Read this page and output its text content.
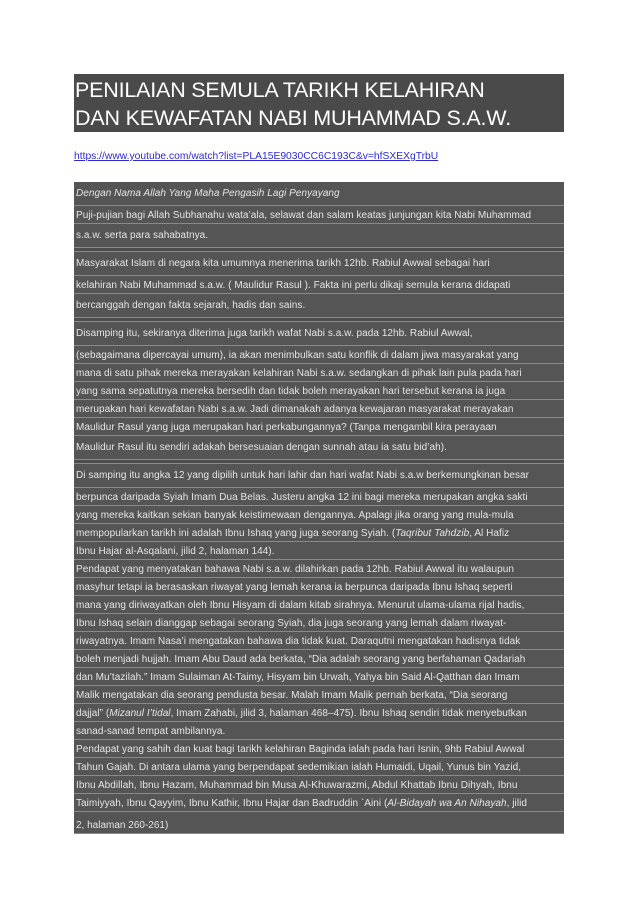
PENILAIAN SEMULA TARIKH KELAHIRAN
DAN KEWAFATAN NABI MUHAMMAD S.A.W.
https://www.youtube.com/watch?list=PLA15E9030CC6C193C&v=hfSXEXgTrbU
Dengan Nama Allah Yang Maha Pengasih Lagi Penyayang
Puji-pujian bagi Allah Subhanahu wata’ala, selawat dan salam keatas junjungan kita Nabi Muhammad
s.a.w. serta para sahabatnya.
Masyarakat Islam di negara kita umumnya menerima tarikh 12hb. Rabiul Awwal sebagai hari
kelahiran Nabi Muhammad s.a.w. ( Maulidur Rasul ). Fakta ini perlu dikaji semula kerana didapati
bercanggah dengan fakta sejarah, hadis dan sains.
Disamping itu, sekiranya diterima juga tarikh wafat Nabi s.a.w. pada 12hb. Rabiul Awwal,
(sebagaimana dipercayai umum), ia akan menimbulkan satu konflik di dalam jiwa masyarakat yang
mana di satu pihak mereka merayakan kelahiran Nabi s.a.w. sedangkan di pihak lain pula pada hari
yang sama sepatutnya mereka bersedih dan tidak boleh merayakan hari tersebut kerana ia juga
merupakan hari kewafatan Nabi s.a.w. Jadi dimanakah adanya kewajaran masyarakat merayakan
Maulidur Rasul yang juga merupakan hari perkabungannya? (Tanpa mengambil kira perayaan
Maulidur Rasul itu sendiri adakah bersesuaian dengan sunnah atau ia satu bid’ah).
Di samping itu angka 12 yang dipilih untuk hari lahir dan hari wafat Nabi s.a.w berkemungkinan besar
berpunca daripada Syiah Imam Dua Belas. Justeru angka 12 ini bagi mereka merupakan angka sakti
yang mereka kaitkan sekian banyak keistimewaan dengannya. Apalagi jika orang yang mula-mula
mempopularkan tarikh ini adalah Ibnu Ishaq yang juga seorang Syiah. (Taqribut Tahdzib, Al Hafiz
Ibnu Hajar al-Asqalani, jilid 2, halaman 144).
Pendapat yang menyatakan bahawa Nabi s.a.w. dilahirkan pada 12hb. Rabiul Awwal itu walaupun
masyhur tetapi ia berasaskan riwayat yang lemah kerana ia berpunca daripada Ibnu Ishaq seperti
mana yang diriwayatkan oleh Ibnu Hisyam di dalam kitab sirahnya. Menurut ulama-ulama rijal hadis,
Ibnu Ishaq selain dianggap sebagai seorang Syiah, dia juga seorang yang lemah dalam riwayat-
riwayatnya. Imam Nasa’i mengatakan bahawa dia tidak kuat. Daraqutni mengatakan hadisnya tidak
boleh menjadi hujjah. Imam Abu Daud ada berkata, “Dia adalah seorang yang berfahaman Qadariah
dan Mu’tazilah.” Imam Sulaiman At-Taimy, Hisyam bin Urwah, Yahya bin Said Al-Qatthan dan Imam
Malik mengatakan dia seorang pendusta besar. Malah Imam Malik pernah berkata, “Dia seorang
dajjal” (Mizanul I’tidal, Imam Zahabi, jilid 3, halaman 468–475). Ibnu Ishaq sendiri tidak menyebutkan
sanad-sanad tempat ambilannya.
Pendapat yang sahih dan kuat bagi tarikh kelahiran Baginda ialah pada hari Isnin, 9hb Rabiul Awwal
Tahun Gajah. Di antara ulama yang berpendapat sedemikian ialah Humaidi, Uqail, Yunus bin Yazid,
Ibnu Abdillah, Ibnu Hazam, Muhammad bin Musa Al-Khuwarazmi, Abdul Khattab Ibnu Dihyah, Ibnu
Taimiyyah, Ibnu Qayyim, Ibnu Kathir, Ibnu Hajar dan Badruddin `Aini (Al-Bidayah wa An Nihayah, jilid
2, halaman 260-261)
